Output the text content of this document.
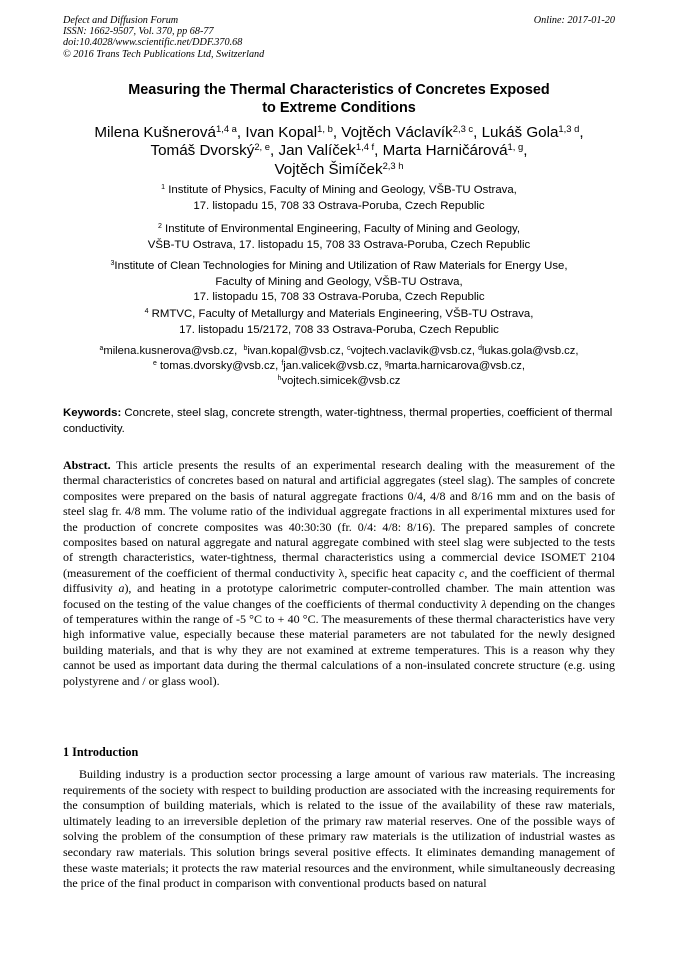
Defect and Diffusion Forum
ISSN: 1662-9507, Vol. 370, pp 68-77
doi:10.4028/www.scientific.net/DDF.370.68
© 2016 Trans Tech Publications Ltd, Switzerland
Online: 2017-01-20
Measuring the Thermal Characteristics of Concretes Exposed
to Extreme Conditions
Milena Kušnerová$^{1,4 a}$, Ivan Kopal$^{1, b}$, Vojtěch Václavík$^{2,3 c}$, Lukáš Gola$^{1,3 d}$,
Tomáš Dvorský$^{2, e}$, Jan Valíček$^{1,4 f}$, Marta Harničárová$^{1, g}$,
Vojtěch Šimíček$^{2,3 h}$
$^1$ Institute of Physics, Faculty of Mining and Geology, VŠB-TU Ostrava,
17. listopadu 15, 708 33 Ostrava-Poruba, Czech Republic
$^2$ Institute of Environmental Engineering, Faculty of Mining and Geology,
VŠB-TU Ostrava, 17. listopadu 15, 708 33 Ostrava-Poruba, Czech Republic
$^3$Institute of Clean Technologies for Mining and Utilization of Raw Materials for Energy Use,
Faculty of Mining and Geology, VŠB-TU Ostrava,
17. listopadu 15, 708 33 Ostrava-Poruba, Czech Republic
$^4$ RMTVC, Faculty of Metallurgy and Materials Engineering, VŠB-TU Ostrava,
17. listopadu 15/2172, 708 33 Ostrava-Poruba, Czech Republic
$^a$milena.kusnerova@vsb.cz, $^b$ivan.kopal@vsb.cz, $^c$vojtech.vaclavik@vsb.cz, $^d$lukas.gola@vsb.cz,
$^e$ tomas.dvorsky@vsb.cz, $^f$jan.valicek@vsb.cz, $^g$marta.harnicarova@vsb.cz,
$^h$vojtech.simicek@vsb.cz
Keywords: Concrete, steel slag, concrete strength, water-tightness, thermal properties, coefficient of thermal conductivity.
Abstract. This article presents the results of an experimental research dealing with the measurement of the thermal characteristics of concretes based on natural and artificial aggregates (steel slag). The samples of concrete composites were prepared on the basis of natural aggregate fractions 0/4, 4/8 and 8/16 mm and on the basis of steel slag fr. 4/8 mm. The volume ratio of the individual aggregate fractions in all experimental mixtures used for the production of concrete composites was 40:30:30 (fr. 0/4: 4/8: 8/16). The prepared samples of concrete composites based on natural aggregate and natural aggregate combined with steel slag were subjected to the tests of strength characteristics, water-tightness, thermal characteristics using a commercial device ISOMET 2104 (measurement of the coefficient of thermal conductivity λ, specific heat capacity c, and the coefficient of thermal diffusivity a), and heating in a prototype calorimetric computer-controlled chamber. The main attention was focused on the testing of the value changes of the coefficients of thermal conductivity λ depending on the changes of temperatures within the range of -5 °C to + 40 °C. The measurements of these thermal characteristics have very high informative value, especially because these material parameters are not tabulated for the newly designed building materials, and that is why they are not examined at extreme temperatures. This is a reason why they cannot be used as important data during the thermal calculations of a non-insulated concrete structure (e.g. using polystyrene and / or glass wool).
1 Introduction
Building industry is a production sector processing a large amount of various raw materials. The increasing requirements of the society with respect to building production are associated with the increasing requirements for the consumption of building materials, which is related to the issue of the availability of these raw materials, ultimately leading to an irreversible depletion of the primary raw material reserves. One of the possible ways of solving the problem of the consumption of these primary raw materials is the utilization of industrial wastes as secondary raw materials. This solution brings several positive effects. It eliminates demanding management of these waste materials; it protects the raw material resources and the environment, while simultaneously decreasing the price of the final product in comparison with conventional products based on natural
